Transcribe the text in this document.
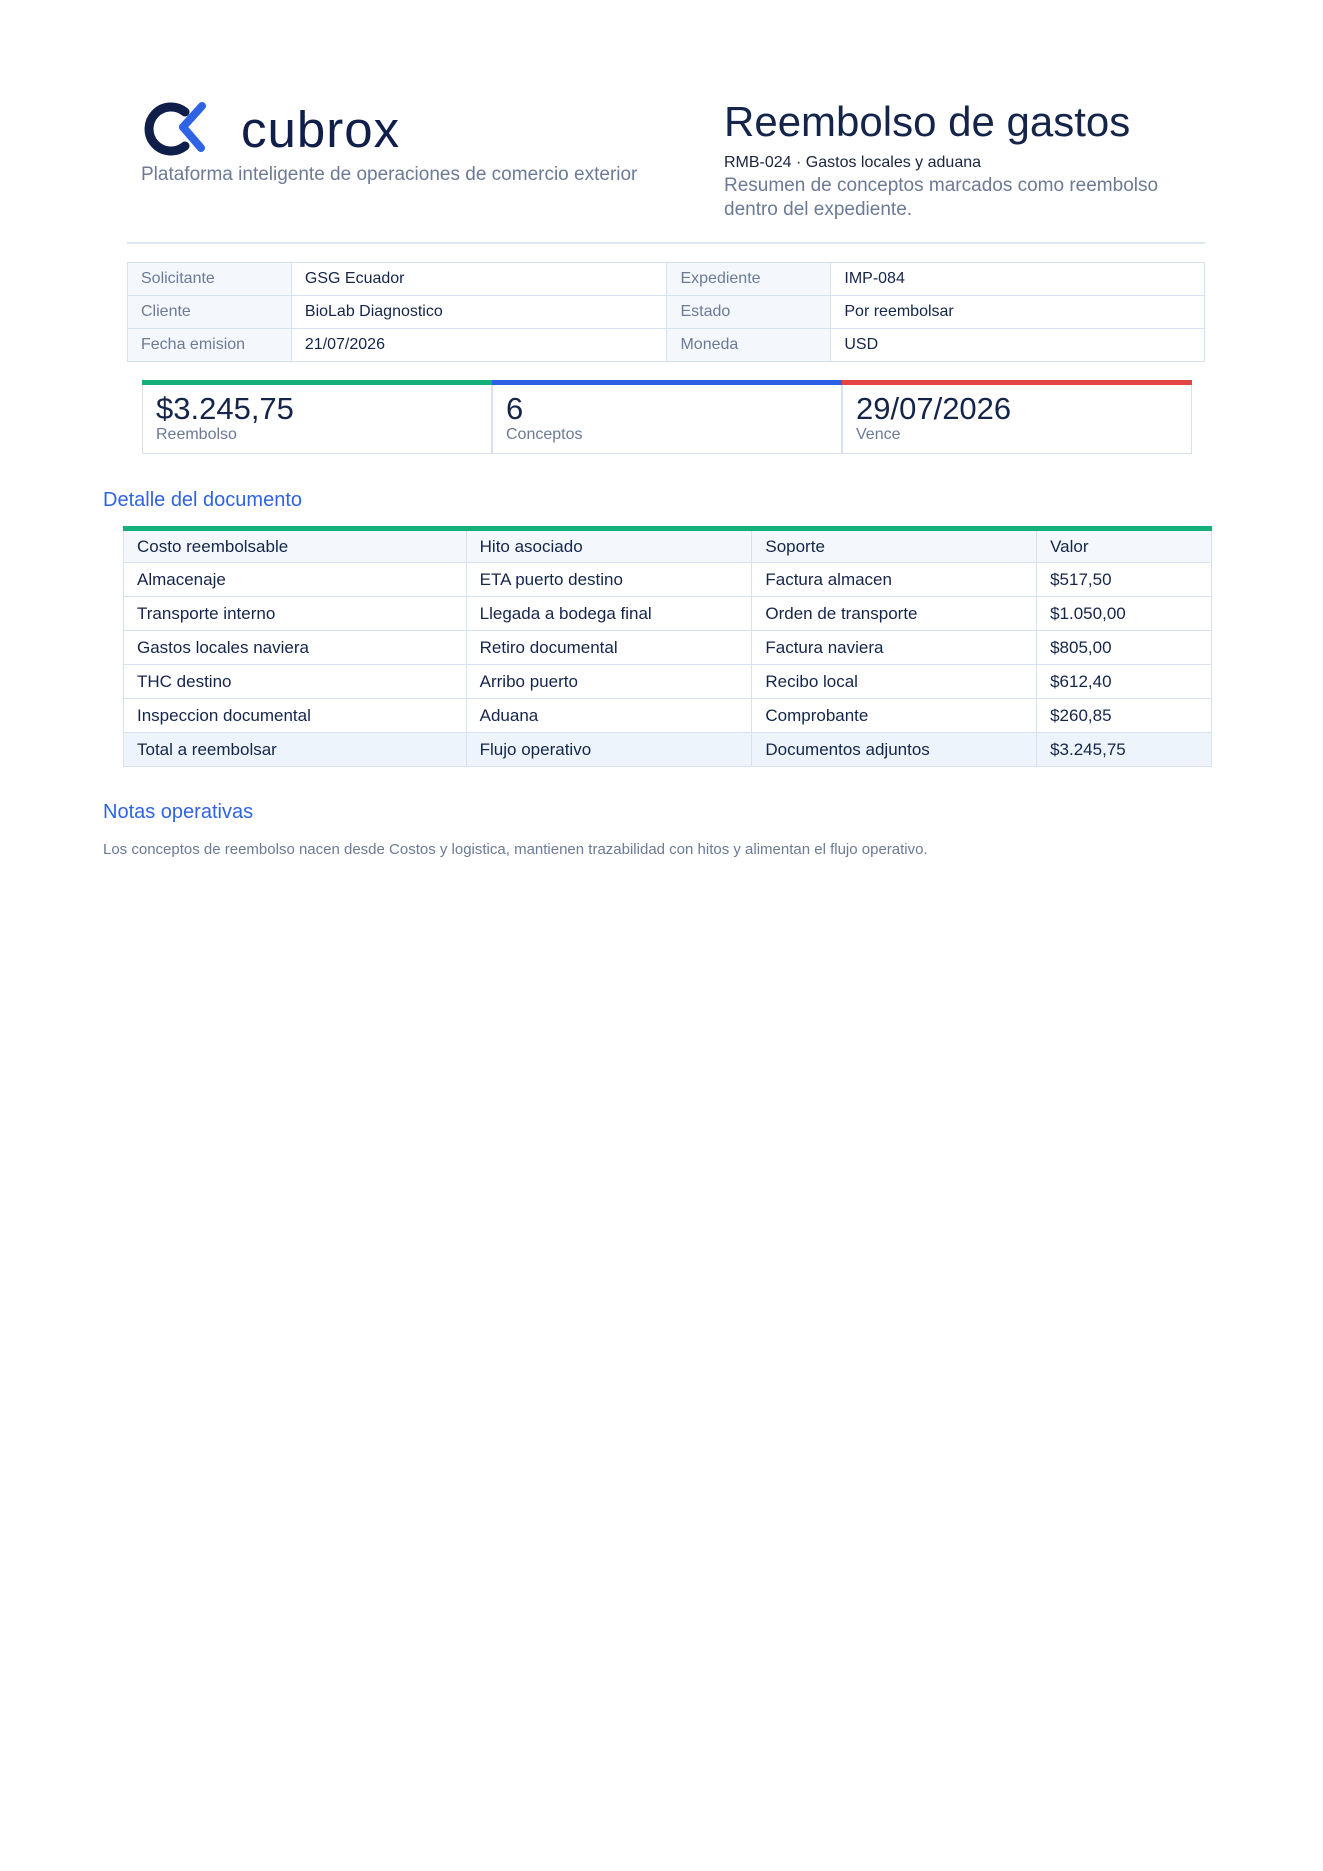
cubrox
Plataforma inteligente de operaciones de comercio exterior
Reembolso de gastos
RMB-024 · Gastos locales y aduana
Resumen de conceptos marcados como reembolso dentro del expediente.
Solicitante	GSG Ecuador	Expediente	IMP-084
Cliente	BioLab Diagnostico	Estado	Por reembolsar
Fecha emision	21/07/2026	Moneda	USD
$3.245,75
Reembolso
6
Conceptos
29/07/2026
Vence
Detalle del documento
Costo reembolsable	Hito asociado	Soporte	Valor
Almacenaje	ETA puerto destino	Factura almacen	$517,50
Transporte interno	Llegada a bodega final	Orden de transporte	$1.050,00
Gastos locales naviera	Retiro documental	Factura naviera	$805,00
THC destino	Arribo puerto	Recibo local	$612,40
Inspeccion documental	Aduana	Comprobante	$260,85
Total a reembolsar	Flujo operativo	Documentos adjuntos	$3.245,75
Notas operativas
Los conceptos de reembolso nacen desde Costos y logistica, mantienen trazabilidad con hitos y alimentan el flujo operativo.
